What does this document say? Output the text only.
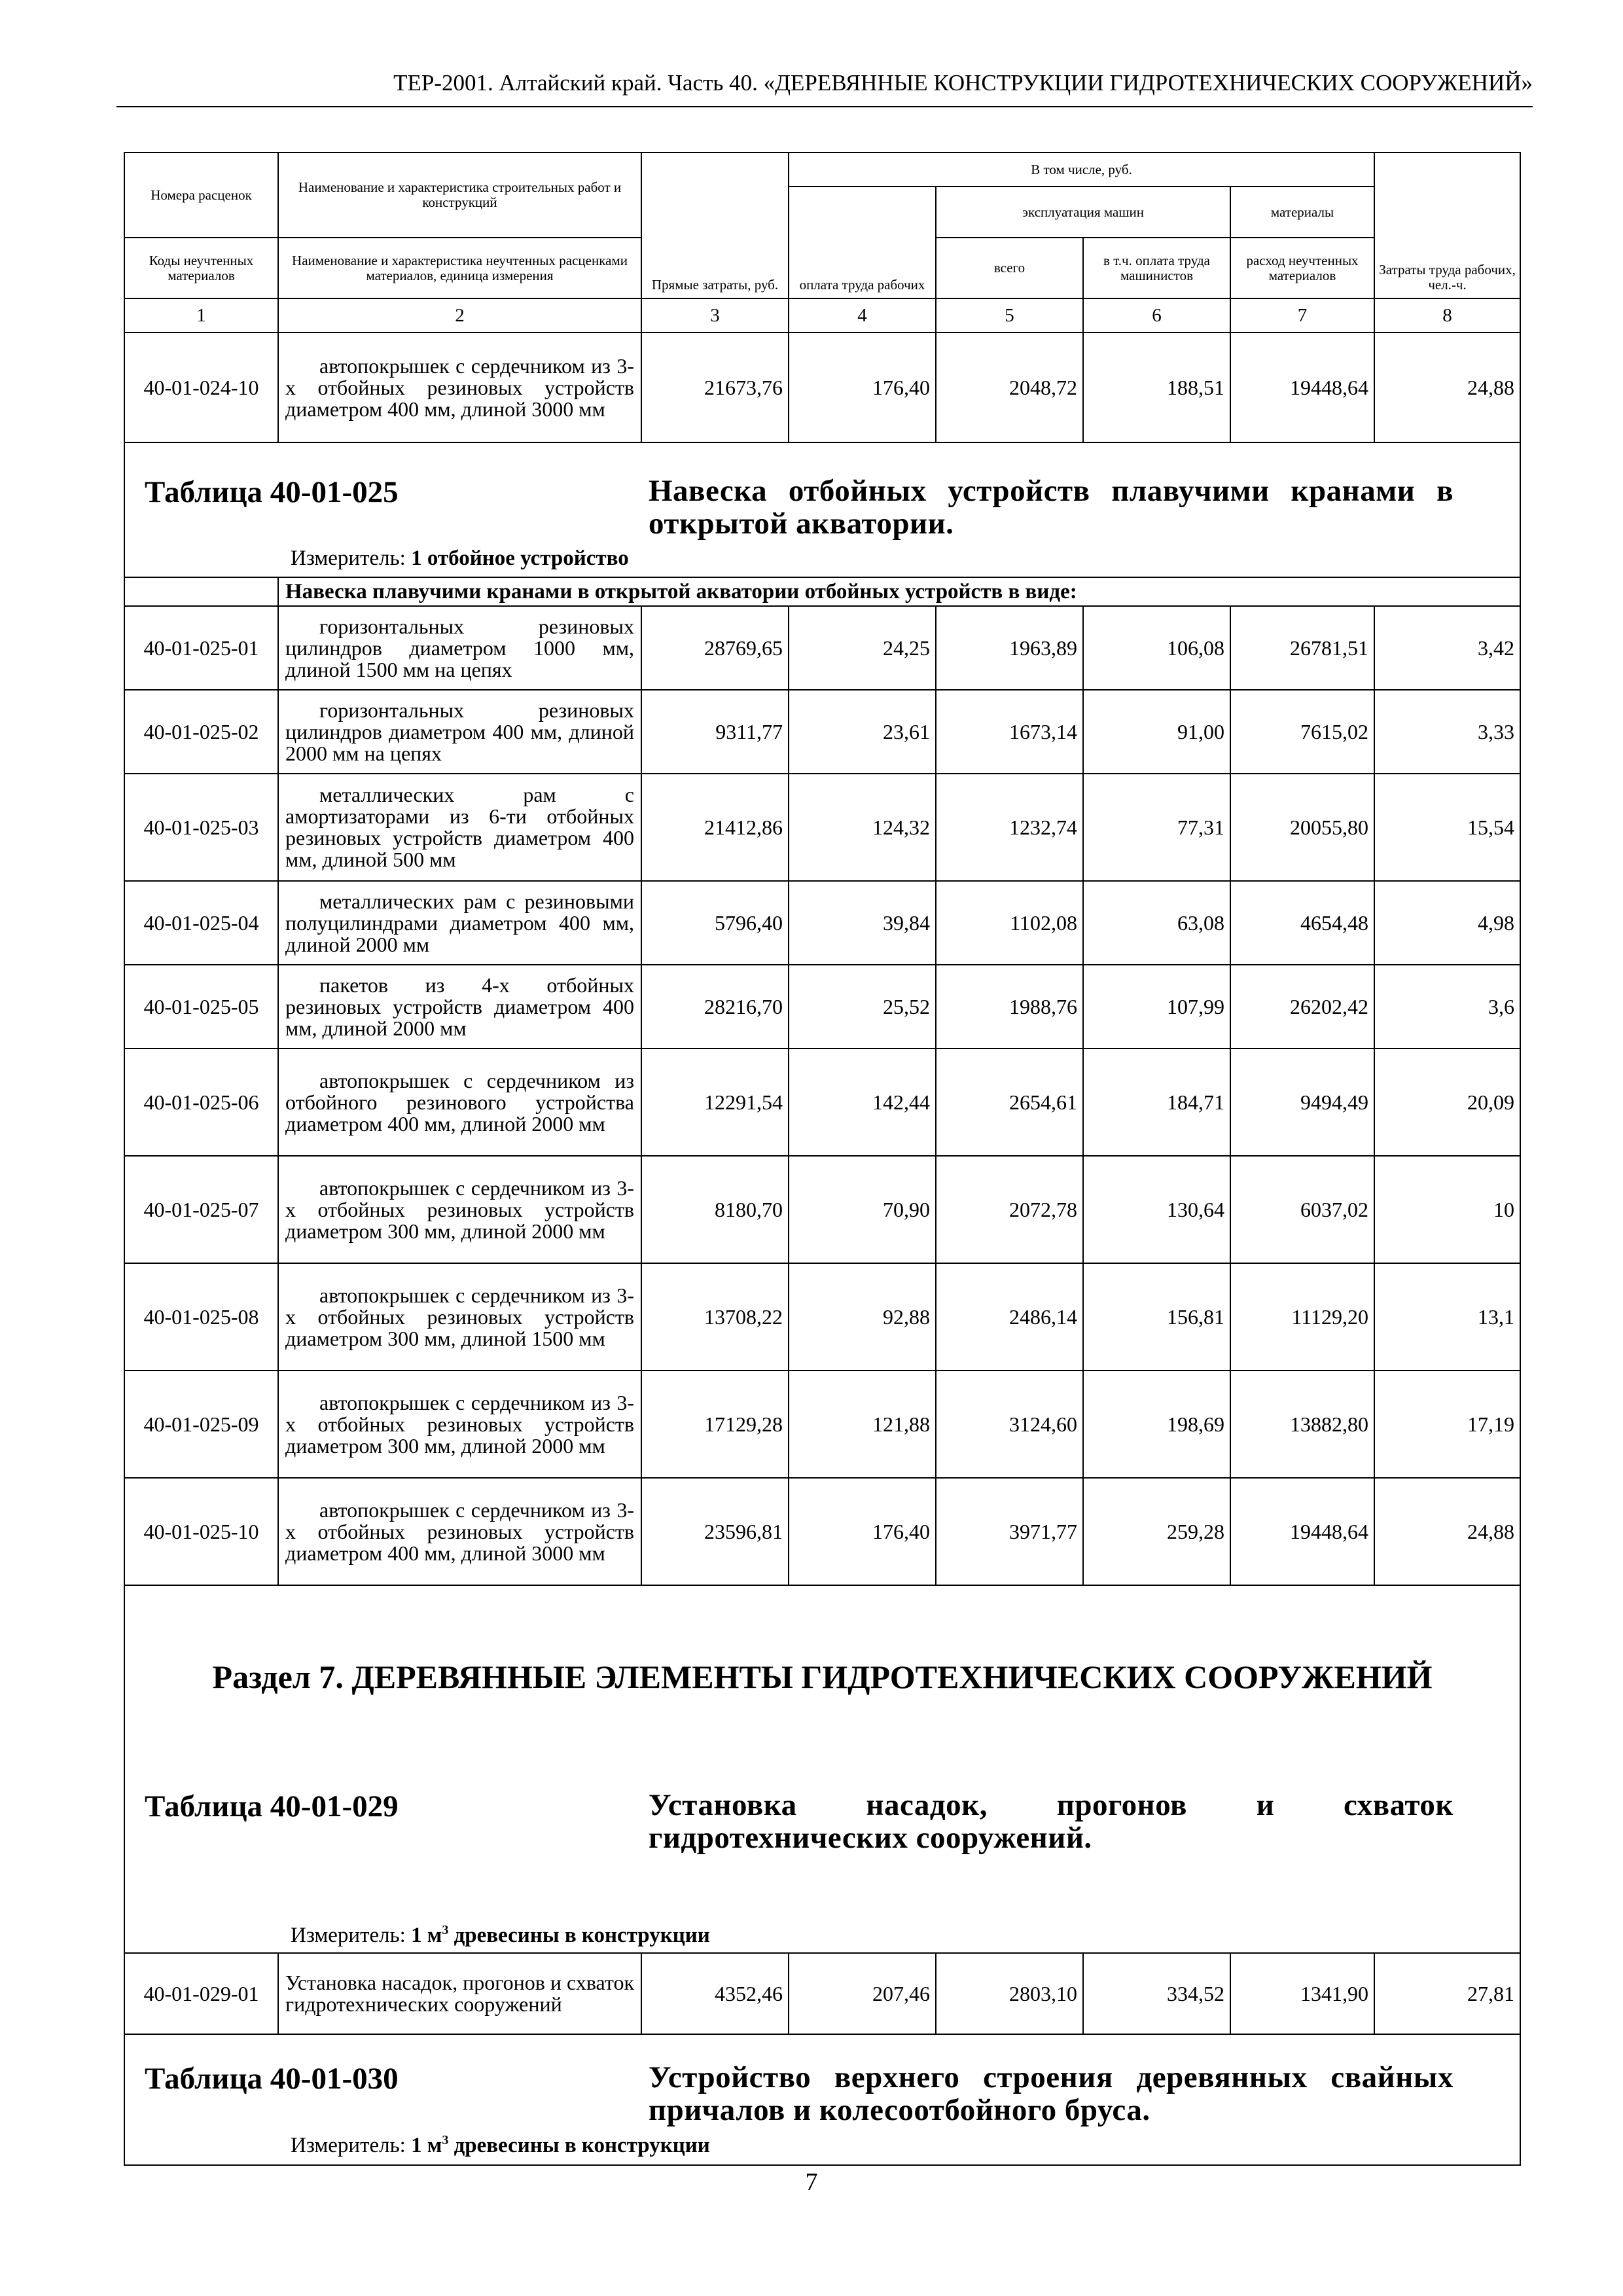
ТЕР-2001. Алтайский край. Часть 40. «ДЕРЕВЯННЫЕ КОНСТРУКЦИИ ГИДРОТЕХНИЧЕСКИХ СООРУЖЕНИЙ»
Номера расценок	Наименование и характеристика строительных работ и конструкций	Прямые затраты, руб.	В том числе, руб.				Затраты труда рабочих, чел.-ч.
			оплата труда рабочих	эксплуатация машин		материалы	
Коды неучтенных материалов	Наименование и характеристика неучтенных расценками материалов, единица измерения			всего	в т.ч. оплата труда машинистов	расход неучтенных материалов	
1	2	3	4	5	6	7	8
40-01-024-10	автопокрышек с сердечником из 3-х отбойных резиновых устройств диаметром 400 мм, длиной 3000 мм	21673,76	176,40	2048,72	188,51	19448,64	24,88

Таблица 40-01-025 Навеска отбойных устройств плавучими кранами в открытой акватории.
Измеритель: 1 отбойное устройство							

	Навеска плавучими кранами в открытой акватории отбойных устройств в виде:						
40-01-025-01	горизонтальных резиновых цилиндров диаметром 1000 мм, длиной 1500 мм на цепях	28769,65	24,25	1963,89	106,08	26781,51	3,42
40-01-025-02	горизонтальных резиновых цилиндров диаметром 400 мм, длиной 2000 мм на цепях	9311,77	23,61	1673,14	91,00	7615,02	3,33
40-01-025-03	металлических рам с амортизаторами из 6-ти отбойных резиновых устройств диаметром 400 мм, длиной 500 мм	21412,86	124,32	1232,74	77,31	20055,80	15,54
40-01-025-04	металлических рам с резиновыми полуцилиндрами диаметром 400 мм, длиной 2000 мм	5796,40	39,84	1102,08	63,08	4654,48	4,98
40-01-025-05	пакетов из 4-х отбойных резиновых устройств диаметром 400 мм, длиной 2000 мм	28216,70	25,52	1988,76	107,99	26202,42	3,6
40-01-025-06	автопокрышек с сердечником из отбойного резинового устройства диаметром 400 мм, длиной 2000 мм	12291,54	142,44	2654,61	184,71	9494,49	20,09
40-01-025-07	автопокрышек с сердечником из 3-х отбойных резиновых устройств диаметром 300 мм, длиной 2000 мм	8180,70	70,90	2072,78	130,64	6037,02	10
40-01-025-08	автопокрышек с сердечником из 3-х отбойных резиновых устройств диаметром 300 мм, длиной 1500 мм	13708,22	92,88	2486,14	156,81	11129,20	13,1
40-01-025-09	автопокрышек с сердечником из 3-х отбойных резиновых устройств диаметром 300 мм, длиной 2000 мм	17129,28	121,88	3124,60	198,69	13882,80	17,19
40-01-025-10	автопокрышек с сердечником из 3-х отбойных резиновых устройств диаметром 400 мм, длиной 3000 мм	23596,81	176,40	3971,77	259,28	19448,64	24,88

Раздел 7. ДЕРЕВЯННЫЕ ЭЛЕМЕНТЫ ГИДРОТЕХНИЧЕСКИХ СООРУЖЕНИЙ
Таблица 40-01-029 Установка насадок, прогонов и схваток гидротехнических сооружений.
Измеритель: 1 $м^3$ древесины в конструкции							

40-01-029-01	Установка насадок, прогонов и схваток гидротехнических сооружений	4352,46	207,46	2803,10	334,52	1341,90	27,81

Таблица 40-01-030 Устройство верхнего строения деревянных свайных причалов и колесоотбойного бруса.
Измеритель: 1 $м^3$ древесины в конструкции							
7
